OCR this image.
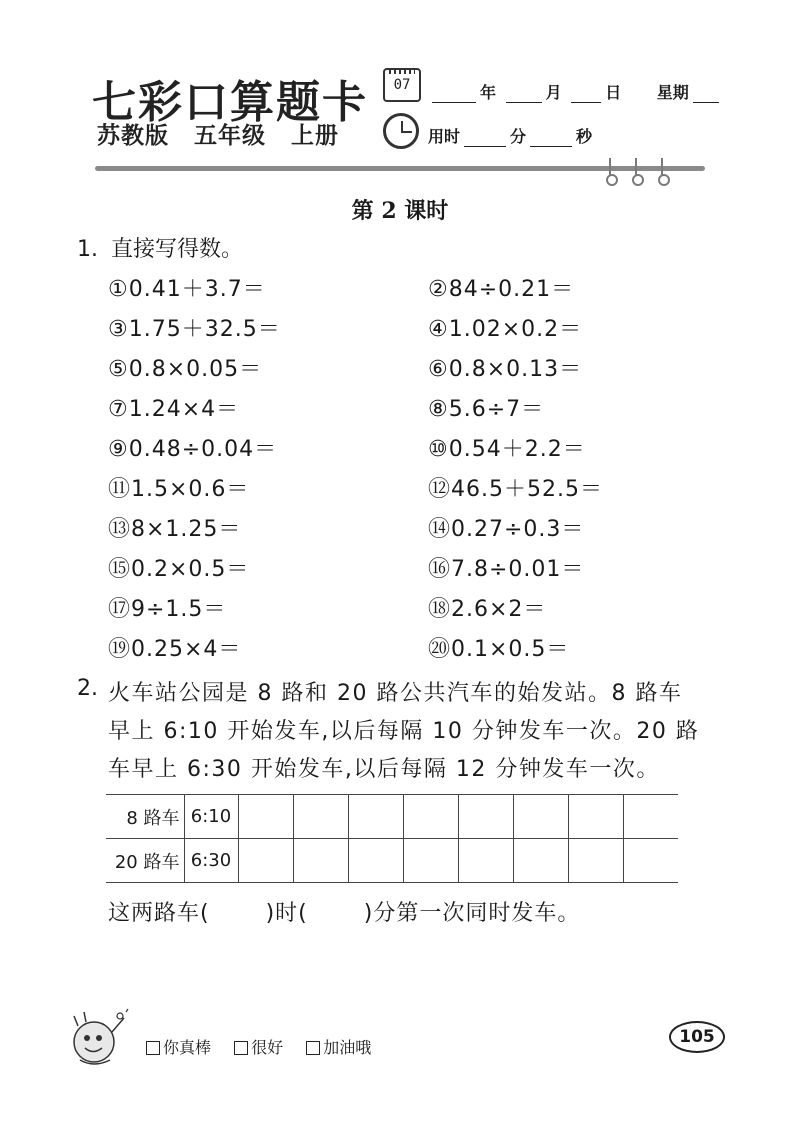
七彩口算题卡
苏教版 五年级 上册
07	年	月	日 星期
用时	分	秒
第 2 课时
1. 直接写得数。
①0.41＋3.7＝	②84÷0.21＝
③1.75＋32.5＝	④1.02×0.2＝
⑤0.8×0.05＝	⑥0.8×0.13＝
⑦1.24×4＝	⑧5.6÷7＝
⑨0.48÷0.04＝	⑩0.54＋2.2＝
⑪1.5×0.6＝	⑫46.5＋52.5＝
⑬8×1.25＝	⑭0.27÷0.3＝
⑮0.2×0.5＝	⑯7.8÷0.01＝
⑰9÷1.5＝	⑱2.6×2＝
⑲0.25×4＝	⑳0.1×0.5＝
2. 火车站公园是 8 路和 20 路公共汽车的始发站。8 路车
早上 6:10 开始发车,以后每隔 10 分钟发车一次。20 路
车早上 6:30 开始发车,以后每隔 12 分钟发车一次。
8 路车	6:10								
20 路车	6:30								
这两路车(	)时(	)分第一次同时发车。
你真棒	很好	加油哦
105
